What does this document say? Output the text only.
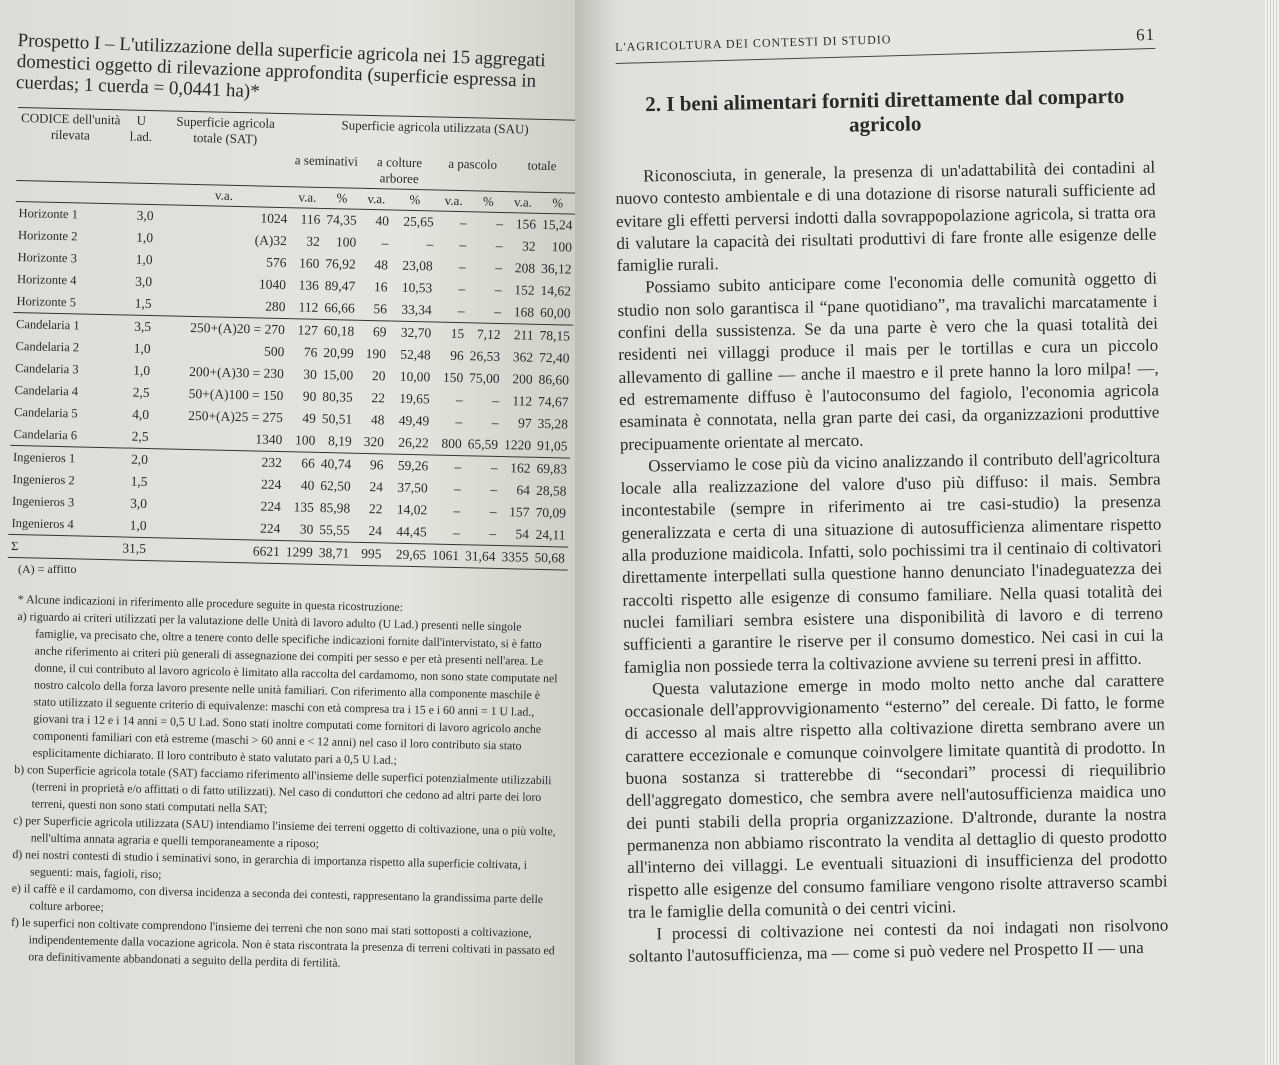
Prospetto I – L'utilizzazione della superficie agricola nei 15 aggregati domestici oggetto di rilevazione approfondita (superficie espressa in cuerdas; 1 cuerda = 0,0441 ha)*
CODICE dell'unità rilevata	U l.ad.	Superficie agricola totale (SAT)	Superficie agricola utilizzata (SAU)							
			a seminativi		a colture arboree		a pascolo		totale	
		v.a.	v.a.	%	v.a.	%	v.a.	%	v.a.	%
Horizonte 1	3,0	1024	116	74,35	40	25,65	–	–	156	15,24
Horizonte 2	1,0	(A)32	32	100	–	–	–	–	32	100
Horizonte 3	1,0	576	160	76,92	48	23,08	–	–	208	36,12
Horizonte 4	3,0	1040	136	89,47	16	10,53	–	–	152	14,62
Horizonte 5	1,5	280	112	66,66	56	33,34	–	–	168	60,00
Candelaria 1	3,5	250+(A)20 = 270	127	60,18	69	32,70	15	7,12	211	78,15
Candelaria 2	1,0	500	76	20,99	190	52,48	96	26,53	362	72,40
Candelaria 3	1,0	200+(A)30 = 230	30	15,00	20	10,00	150	75,00	200	86,60
Candelaria 4	2,5	50+(A)100 = 150	90	80,35	22	19,65	–	–	112	74,67
Candelaria 5	4,0	250+(A)25 = 275	49	50,51	48	49,49	–	–	97	35,28
Candelaria 6	2,5	1340	100	8,19	320	26,22	800	65,59	1220	91,05
Ingenieros 1	2,0	232	66	40,74	96	59,26	–	–	162	69,83
Ingenieros 2	1,5	224	40	62,50	24	37,50	–	–	64	28,58
Ingenieros 3	3,0	224	135	85,98	22	14,02	–	–	157	70,09
Ingenieros 4	1,0	224	30	55,55	24	44,45	–	–	54	24,11
Σ	31,5	6621	1299	38,71	995	29,65	1061	31,64	3355	50,68
(A) = affitto

* Alcune indicazioni in riferimento alle procedure seguite in questa ricostruzione:

a) riguardo ai criteri utilizzati per la valutazione delle Unità di lavoro adulto (U l.ad.) presenti nelle singole famiglie, va precisato che, oltre a tenere conto delle specifiche indicazioni fornite dall'intervistato, si è fatto anche riferimento ai criteri più generali di assegnazione dei compiti per sesso e per età presenti nell'area. Le donne, il cui contributo al lavoro agricolo è limitato alla raccolta del cardamomo, non sono state computate nel nostro calcolo della forza lavoro presente nelle unità familiari. Con riferimento alla componente maschile è stato utilizzato il seguente criterio di equivalenze: maschi con età compresa tra i 15 e i 60 anni = 1 U l.ad., giovani tra i 12 e i 14 anni = 0,5 U l.ad. Sono stati inoltre computati come fornitori di lavoro agricolo anche componenti familiari con età estreme (maschi > 60 anni e < 12 anni) nel caso il loro contributo sia stato esplicitamente dichiarato. Il loro contributo è stato valutato pari a 0,5 U l.ad.;

b) con Superficie agricola totale (SAT) facciamo riferimento all'insieme delle superfici potenzialmente utilizzabili (terreni in proprietà e/o affittati o di fatto utilizzati). Nel caso di conduttori che cedono ad altri parte dei loro terreni, questi non sono stati computati nella SAT;

c) per Superficie agricola utilizzata (SAU) intendiamo l'insieme dei terreni oggetto di coltivazione, una o più volte, nell'ultima annata agraria e quelli temporaneamente a riposo;

d) nei nostri contesti di studio i seminativi sono, in gerarchia di importanza rispetto alla superficie coltivata, i seguenti: mais, fagioli, riso;

e) il caffè e il cardamomo, con diversa incidenza a seconda dei contesti, rappresentano la grandissima parte delle colture arboree;

f) le superfici non coltivate comprendono l'insieme dei terreni che non sono mai stati sottoposti a coltivazione, indipendentemente dalla vocazione agricola. Non è stata riscontrata la presenza di terreni coltivati in passato ed ora definitivamente abbandonati a seguito della perdita di fertilità.

L'AGRICOLTURA DEI CONTESTI DI STUDIO	61
2. I beni alimentari forniti direttamente dal comparto agricolo

Riconosciuta, in generale, la presenza di un'adattabilità dei contadini al nuovo contesto ambientale e di una dotazione di risorse naturali sufficiente ad evitare gli effetti perversi indotti dalla sovrappopolazione agricola, si tratta ora di valutare la capacità dei risultati produttivi di fare fronte alle esigenze delle famiglie rurali.

Possiamo subito anticipare come l'economia delle comunità oggetto di studio non solo garantisca il “pane quotidiano”, ma travalichi marcatamente i confini della sussistenza. Se da una parte è vero che la quasi totalità dei residenti nei villaggi produce il mais per le tortillas e cura un piccolo allevamento di galline — anche il maestro e il prete hanno la loro milpa! —, ed estremamente diffuso è l'autoconsumo del fagiolo, l'economia agricola esaminata è connotata, nella gran parte dei casi, da organizzazioni produttive precipuamente orientate al mercato.

Osserviamo le cose più da vicino analizzando il contributo dell'agricoltura locale alla realizzazione del valore d'uso più diffuso: il mais. Sembra incontestabile (sempre in riferimento ai tre casi-studio) la presenza generalizzata e certa di una situazione di autosufficienza alimentare rispetto alla produzione maidicola. Infatti, solo pochissimi tra il centinaio di coltivatori direttamente interpellati sulla questione hanno denunciato l'inadeguatezza dei raccolti rispetto alle esigenze di consumo familiare. Nella quasi totalità dei nuclei familiari sembra esistere una disponibilità di lavoro e di terreno sufficienti a garantire le riserve per il consumo domestico. Nei casi in cui la famiglia non possiede terra la coltivazione avviene su terreni presi in affitto.

Questa valutazione emerge in modo molto netto anche dal carattere occasionale dell'approvvigionamento “esterno” del cereale. Di fatto, le forme di accesso al mais altre rispetto alla coltivazione diretta sembrano avere un carattere eccezionale e comunque coinvolgere limitate quantità di prodotto. In buona sostanza si tratterebbe di “secondari” processi di riequilibrio dell'aggregato domestico, che sembra avere nell'autosufficienza maidica uno dei punti stabili della propria organizzazione. D'altronde, durante la nostra permanenza non abbiamo riscontrato la vendita al dettaglio di questo prodotto all'interno dei villaggi. Le eventuali situazioni di insufficienza del prodotto rispetto alle esigenze del consumo familiare vengono risolte attraverso scambi tra le famiglie della comunità o dei centri vicini.

I processi di coltivazione nei contesti da noi indagati non risolvono soltanto l'autosufficienza, ma — come si può vedere nel Prospetto II — una
